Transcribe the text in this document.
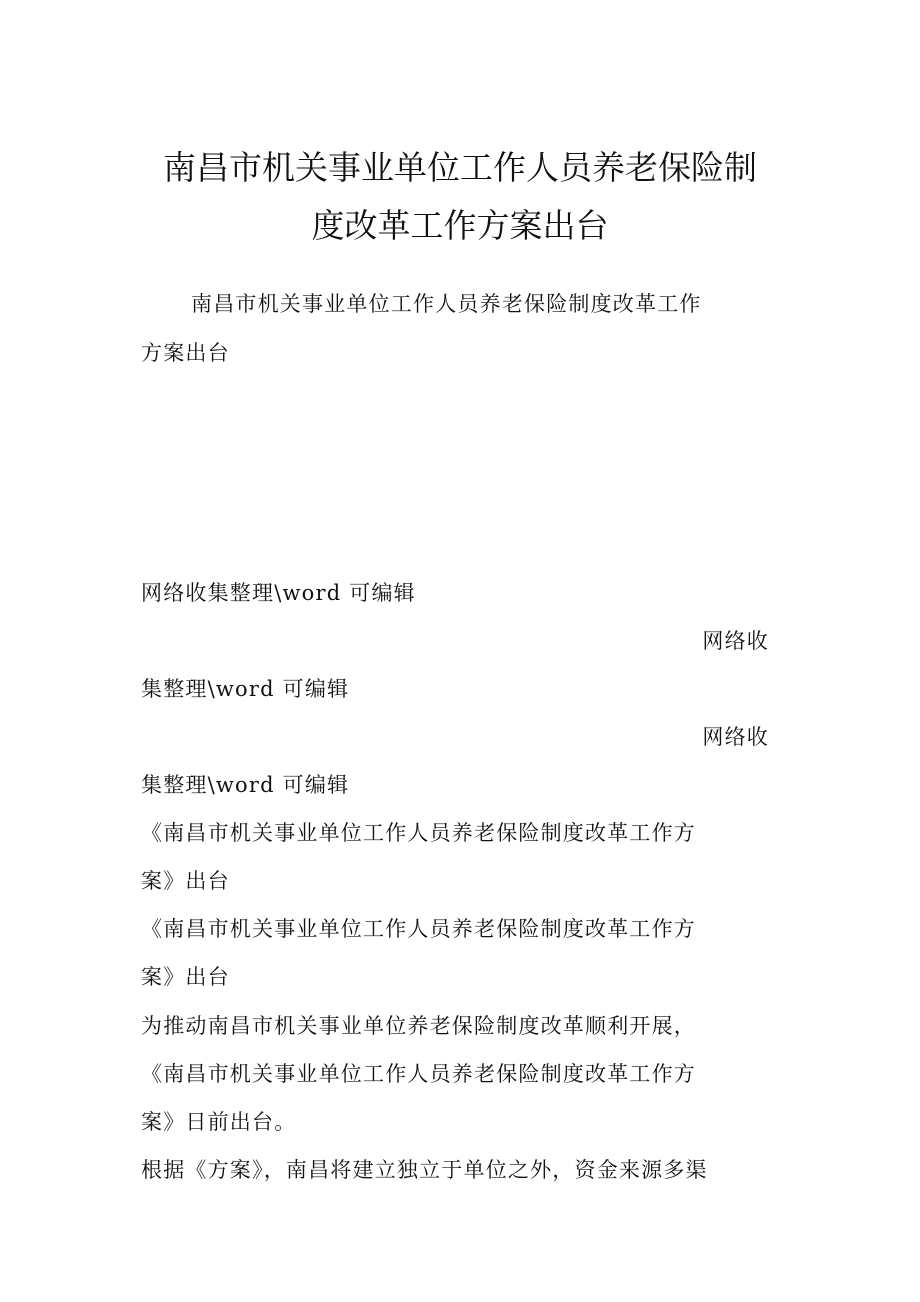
南昌市机关事业单位工作人员养老保险制
度改革工作方案出台
南昌市机关事业单位工作人员养老保险制度改革工作
方案出台
网络收集整理\word 可编辑
网络收
集整理\word 可编辑
网络收
集整理\word 可编辑
《南昌市机关事业单位工作人员养老保险制度改革工作方
案》出台
《南昌市机关事业单位工作人员养老保险制度改革工作方
案》出台
为推动南昌市机关事业单位养老保险制度改革顺利开展，
《南昌市机关事业单位工作人员养老保险制度改革工作方
案》日前出台。
根据《方案》，南昌将建立独立于单位之外，资金来源多渠
